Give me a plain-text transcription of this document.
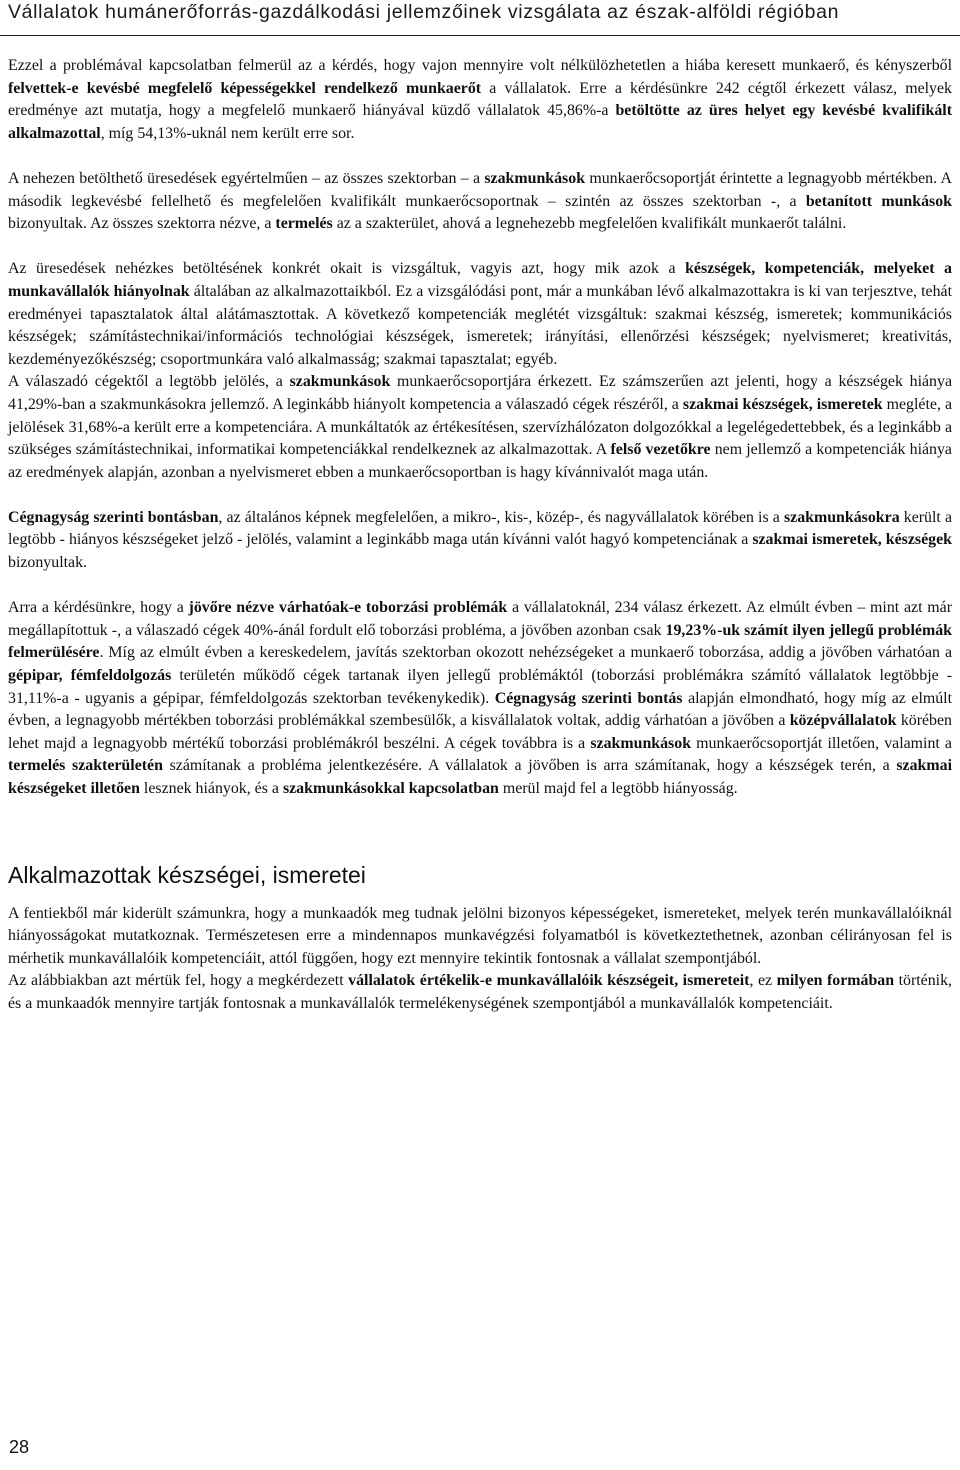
Vállalatok humánerőforrás-gazdálkodási jellemzőinek vizsgálata az észak-alföldi régióban

Ezzel a problémával kapcsolatban felmerül az a kérdés, hogy vajon mennyire volt nélkülözhetetlen a hiába keresett munkaerő, és kényszerből felvettek-e kevésbé megfelelő képességekkel rendelkező munkaerőt a vállalatok. Erre a kérdésünkre 242 cégtől érkezett válasz, melyek eredménye azt mutatja, hogy a megfelelő munkaerő hiányával küzdő vállalatok 45,86%-a betöltötte az üres helyet egy kevésbé kvalifikált alkalmazottal, míg 54,13%-uknál nem került erre sor.

A nehezen betölthető üresedések egyértelműen – az összes szektorban – a szakmunkások munkaerőcsoportját érintette a legnagyobb mértékben. A második legkevésbé fellelhető és megfelelően kvalifikált munkaerőcsoportnak – szintén az összes szektorban -, a betanított munkások bizonyultak. Az összes szektorra nézve, a termelés az a szakterület, ahová a legnehezebb megfelelően kvalifikált munkaerőt találni.

Az üresedések nehézkes betöltésének konkrét okait is vizsgáltuk, vagyis azt, hogy mik azok a készségek, kompetenciák, melyeket a munkavállalók hiányolnak általában az alkalmazottaikból. Ez a vizsgálódási pont, már a munkában lévő alkalmazottakra is ki van terjesztve, tehát eredményei tapasztalatok által alátámasztottak. A következő kompetenciák meglétét vizsgáltuk: szakmai készség, ismeretek; kommunikációs készségek; számítástechnikai/információs technológiai készségek, ismeretek; irányítási, ellenőrzési készségek; nyelvismeret; kreativitás, kezdeményezőkészség; csoportmunkára való alkalmasság; szakmai tapasztalat; egyéb.

A válaszadó cégektől a legtöbb jelölés, a szakmunkások munkaerőcsoportjára érkezett. Ez számszerűen azt jelenti, hogy a készségek hiánya 41,29%-ban a szakmunkásokra jellemző. A leginkább hiányolt kompetencia a válaszadó cégek részéről, a szakmai készségek, ismeretek megléte, a jelölések 31,68%-a került erre a kompetenciára. A munkáltatók az értékesítésen, szervízhálózaton dolgozókkal a legelégedettebbek, és a leginkább a szükséges számítástechnikai, informatikai kompetenciákkal rendelkeznek az alkalmazottak. A felső vezetőkre nem jellemző a kompetenciák hiánya az eredmények alapján, azonban a nyelvismeret ebben a munkaerőcsoportban is hagy kívánnivalót maga után.

Cégnagyság szerinti bontásban, az általános képnek megfelelően, a mikro-, kis-, közép-, és nagyvállalatok körében is a szakmunkásokra került a legtöbb - hiányos készségeket jelző - jelölés, valamint a leginkább maga után kívánni valót hagyó kompetenciának a szakmai ismeretek, készségek bizonyultak.

Arra a kérdésünkre, hogy a jövőre nézve várhatóak-e toborzási problémák a vállalatoknál, 234 válasz érkezett. Az elmúlt évben – mint azt már megállapítottuk -, a válaszadó cégek 40%-ánál fordult elő toborzási probléma, a jövőben azonban csak 19,23%-uk számít ilyen jellegű problémák felmerülésére. Míg az elmúlt évben a kereskedelem, javítás szektorban okozott nehézségeket a munkaerő toborzása, addig a jövőben várhatóan a gépipar, fémfeldolgozás területén működő cégek tartanak ilyen jellegű problémáktól (toborzási problémákra számító vállalatok legtöbbje - 31,11%-a - ugyanis a gépipar, fémfeldolgozás szektorban tevékenykedik). Cégnagyság szerinti bontás alapján elmondható, hogy míg az elmúlt évben, a legnagyobb mértékben toborzási problémákkal szembesülők, a kisvállalatok voltak, addig várhatóan a jövőben a középvállalatok körében lehet majd a legnagyobb mértékű toborzási problémákról beszélni. A cégek továbbra is a szakmunkások munkaerőcsoportját illetően, valamint a termelés szakterületén számítanak a probléma jelentkezésére. A vállalatok a jövőben is arra számítanak, hogy a készségek terén, a szakmai készségeket illetően lesznek hiányok, és a szakmunkásokkal kapcsolatban merül majd fel a legtöbb hiányosság.

Alkalmazottak készségei, ismeretei

A fentiekből már kiderült számunkra, hogy a munkaadók meg tudnak jelölni bizonyos képességeket, ismereteket, melyek terén munkavállalóiknál hiányosságokat mutatkoznak. Természetesen erre a mindennapos munkavégzési folyamatból is következtethetnek, azonban célirányosan fel is mérhetik munkavállalóik kompetenciáit, attól függően, hogy ezt mennyire tekintik fontosnak a vállalat szempontjából.

Az alábbiakban azt mértük fel, hogy a megkérdezett vállalatok értékelik-e munkavállalóik készségeit, ismereteit, ez milyen formában történik, és a munkaadók mennyire tartják fontosnak a munkavállalók termelékenységének szempontjából a munkavállalók kompetenciáit.

28
